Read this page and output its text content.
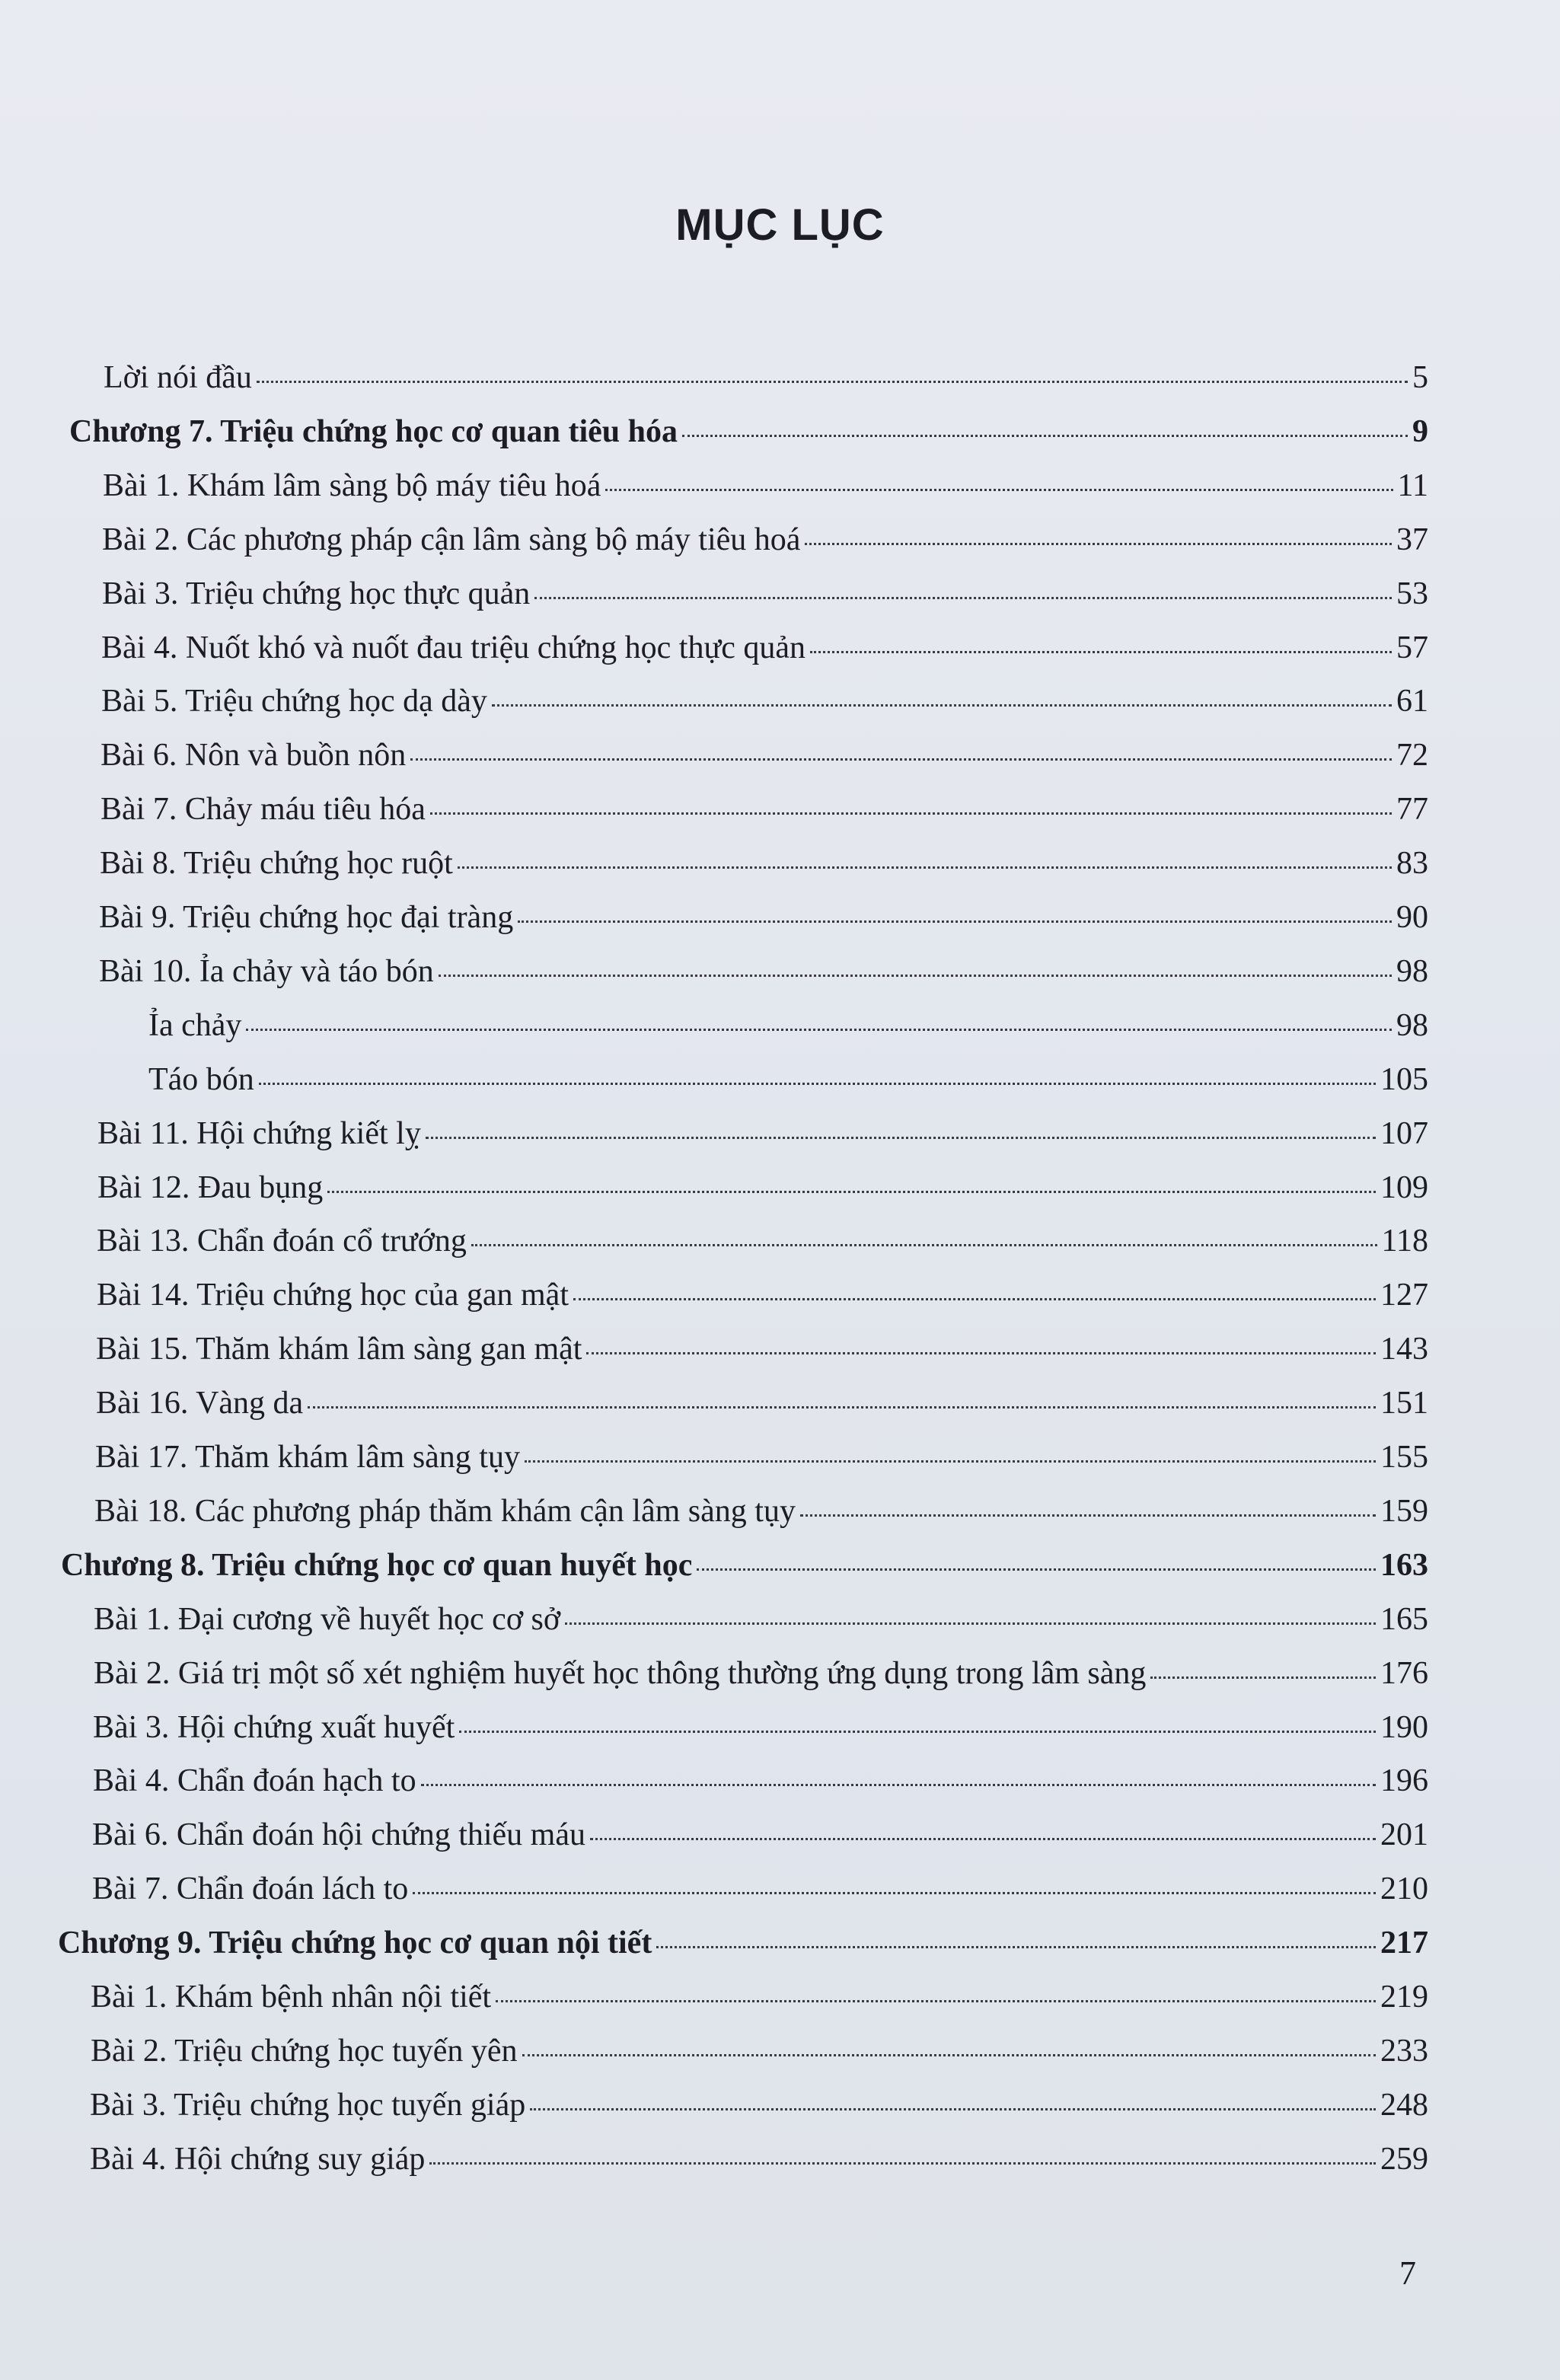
MỤC LỤC
Lời nói đầu	5
Chương 7. Triệu chứng học cơ quan tiêu hóa	9
Bài 1. Khám lâm sàng bộ máy tiêu hoá	11
Bài 2. Các phương pháp cận lâm sàng bộ máy tiêu hoá	37
Bài 3. Triệu chứng học thực quản	53
Bài 4. Nuốt khó và nuốt đau triệu chứng học thực quản	57
Bài 5. Triệu chứng học dạ dày	61
Bài 6. Nôn và buồn nôn	72
Bài 7. Chảy máu tiêu hóa	77
Bài 8. Triệu chứng học ruột	83
Bài 9. Triệu chứng học đại tràng	90
Bài 10. Ỉa chảy và táo bón	98
Ỉa chảy	98
Táo bón	105
Bài 11. Hội chứng kiết lỵ	107
Bài 12. Đau bụng	109
Bài 13. Chẩn đoán cổ trướng	118
Bài 14. Triệu chứng học của gan mật	127
Bài 15. Thăm khám lâm sàng gan mật	143
Bài 16. Vàng da	151
Bài 17. Thăm khám lâm sàng tụy	155
Bài 18. Các phương pháp thăm khám cận lâm sàng tụy	159
Chương 8. Triệu chứng học cơ quan huyết học	163
Bài 1. Đại cương về huyết học cơ sở	165
Bài 2. Giá trị một số xét nghiệm huyết học thông thường ứng dụng trong lâm sàng	176
Bài 3. Hội chứng xuất huyết	190
Bài 4. Chẩn đoán hạch to	196
Bài 6. Chẩn đoán hội chứng thiếu máu	201
Bài 7. Chẩn đoán lách to	210
Chương 9. Triệu chứng học cơ quan nội tiết	217
Bài 1. Khám bệnh nhân nội tiết	219
Bài 2. Triệu chứng học tuyến yên	233
Bài 3. Triệu chứng học tuyến giáp	248
Bài 4. Hội chứng suy giáp	259
7
